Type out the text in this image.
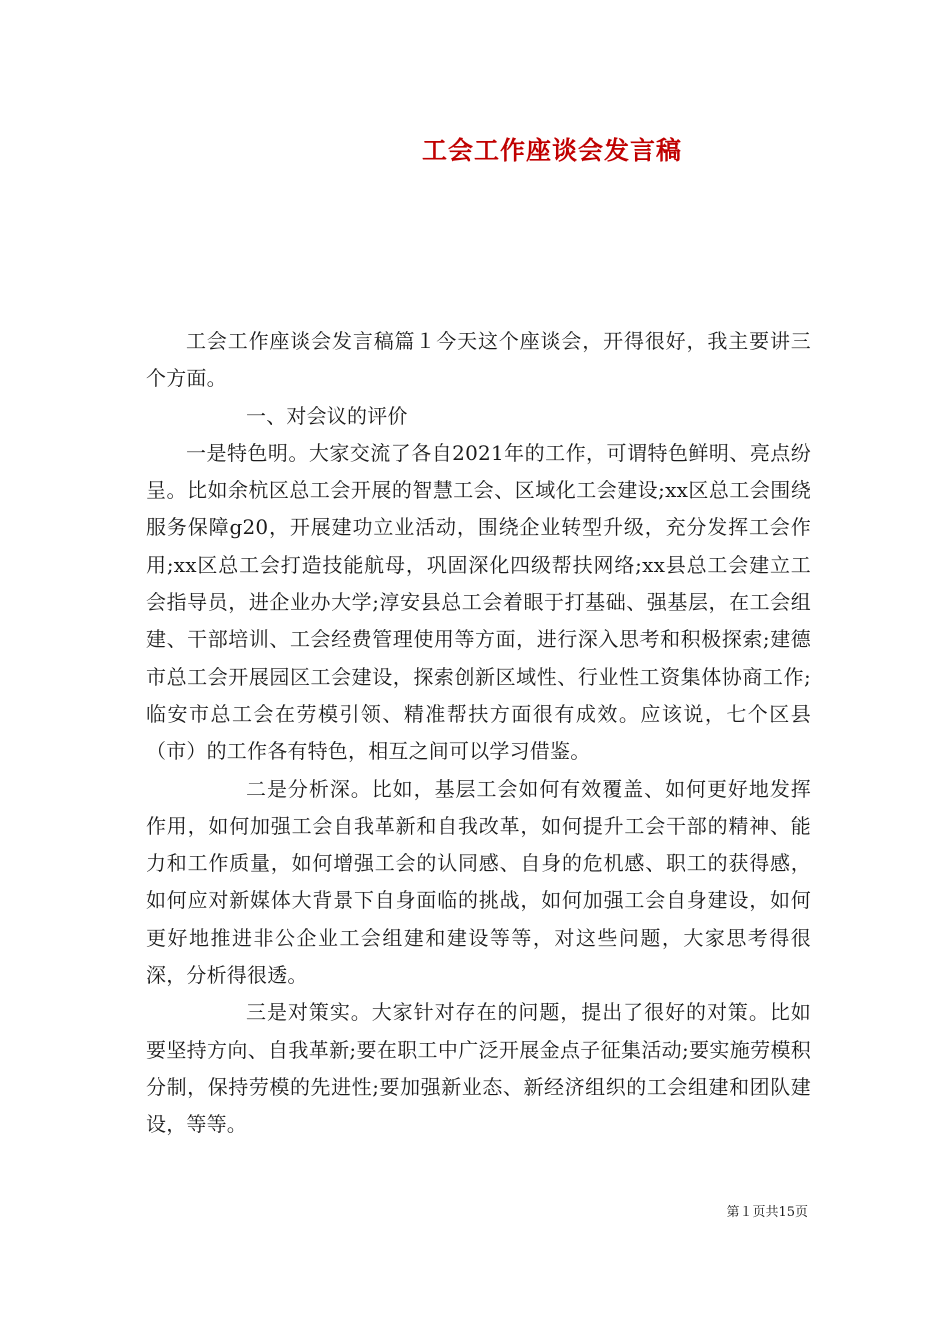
工会工作座谈会发言稿

工会工作座谈会发言稿篇１今天这个座谈会，开得很好，我主要讲三个方面。

一、对会议的评价

一是特色明。大家交流了各自2021年的工作，可谓特色鲜明、亮点纷呈。比如余杭区总工会开展的智慧工会、区域化工会建设;xx区总工会围绕服务保障g20，开展建功立业活动，围绕企业转型升级，充分发挥工会作用;xx区总工会打造技能航母，巩固深化四级帮扶网络;xx县总工会建立工会指导员，进企业办大学;淳安县总工会着眼于打基础、强基层，在工会组建、干部培训、工会经费管理使用等方面，进行深入思考和积极探索;建德市总工会开展园区工会建设，探索创新区域性、行业性工资集体协商工作;临安市总工会在劳模引领、精准帮扶方面很有成效。应该说，七个区县（市）的工作各有特色，相互之间可以学习借鉴。

二是分析深。比如，基层工会如何有效覆盖、如何更好地发挥作用，如何加强工会自我革新和自我改革，如何提升工会干部的精神、能力和工作质量，如何增强工会的认同感、自身的危机感、职工的获得感，如何应对新媒体大背景下自身面临的挑战，如何加强工会自身建设，如何更好地推进非公企业工会组建和建设等等，对这些问题，大家思考得很深，分析得很透。

三是对策实。大家针对存在的问题，提出了很好的对策。比如要坚持方向、自我革新;要在职工中广泛开展金点子征集活动;要实施劳模积分制，保持劳模的先进性;要加强新业态、新经济组织的工会组建和团队建设，等等。

第１页共15页
